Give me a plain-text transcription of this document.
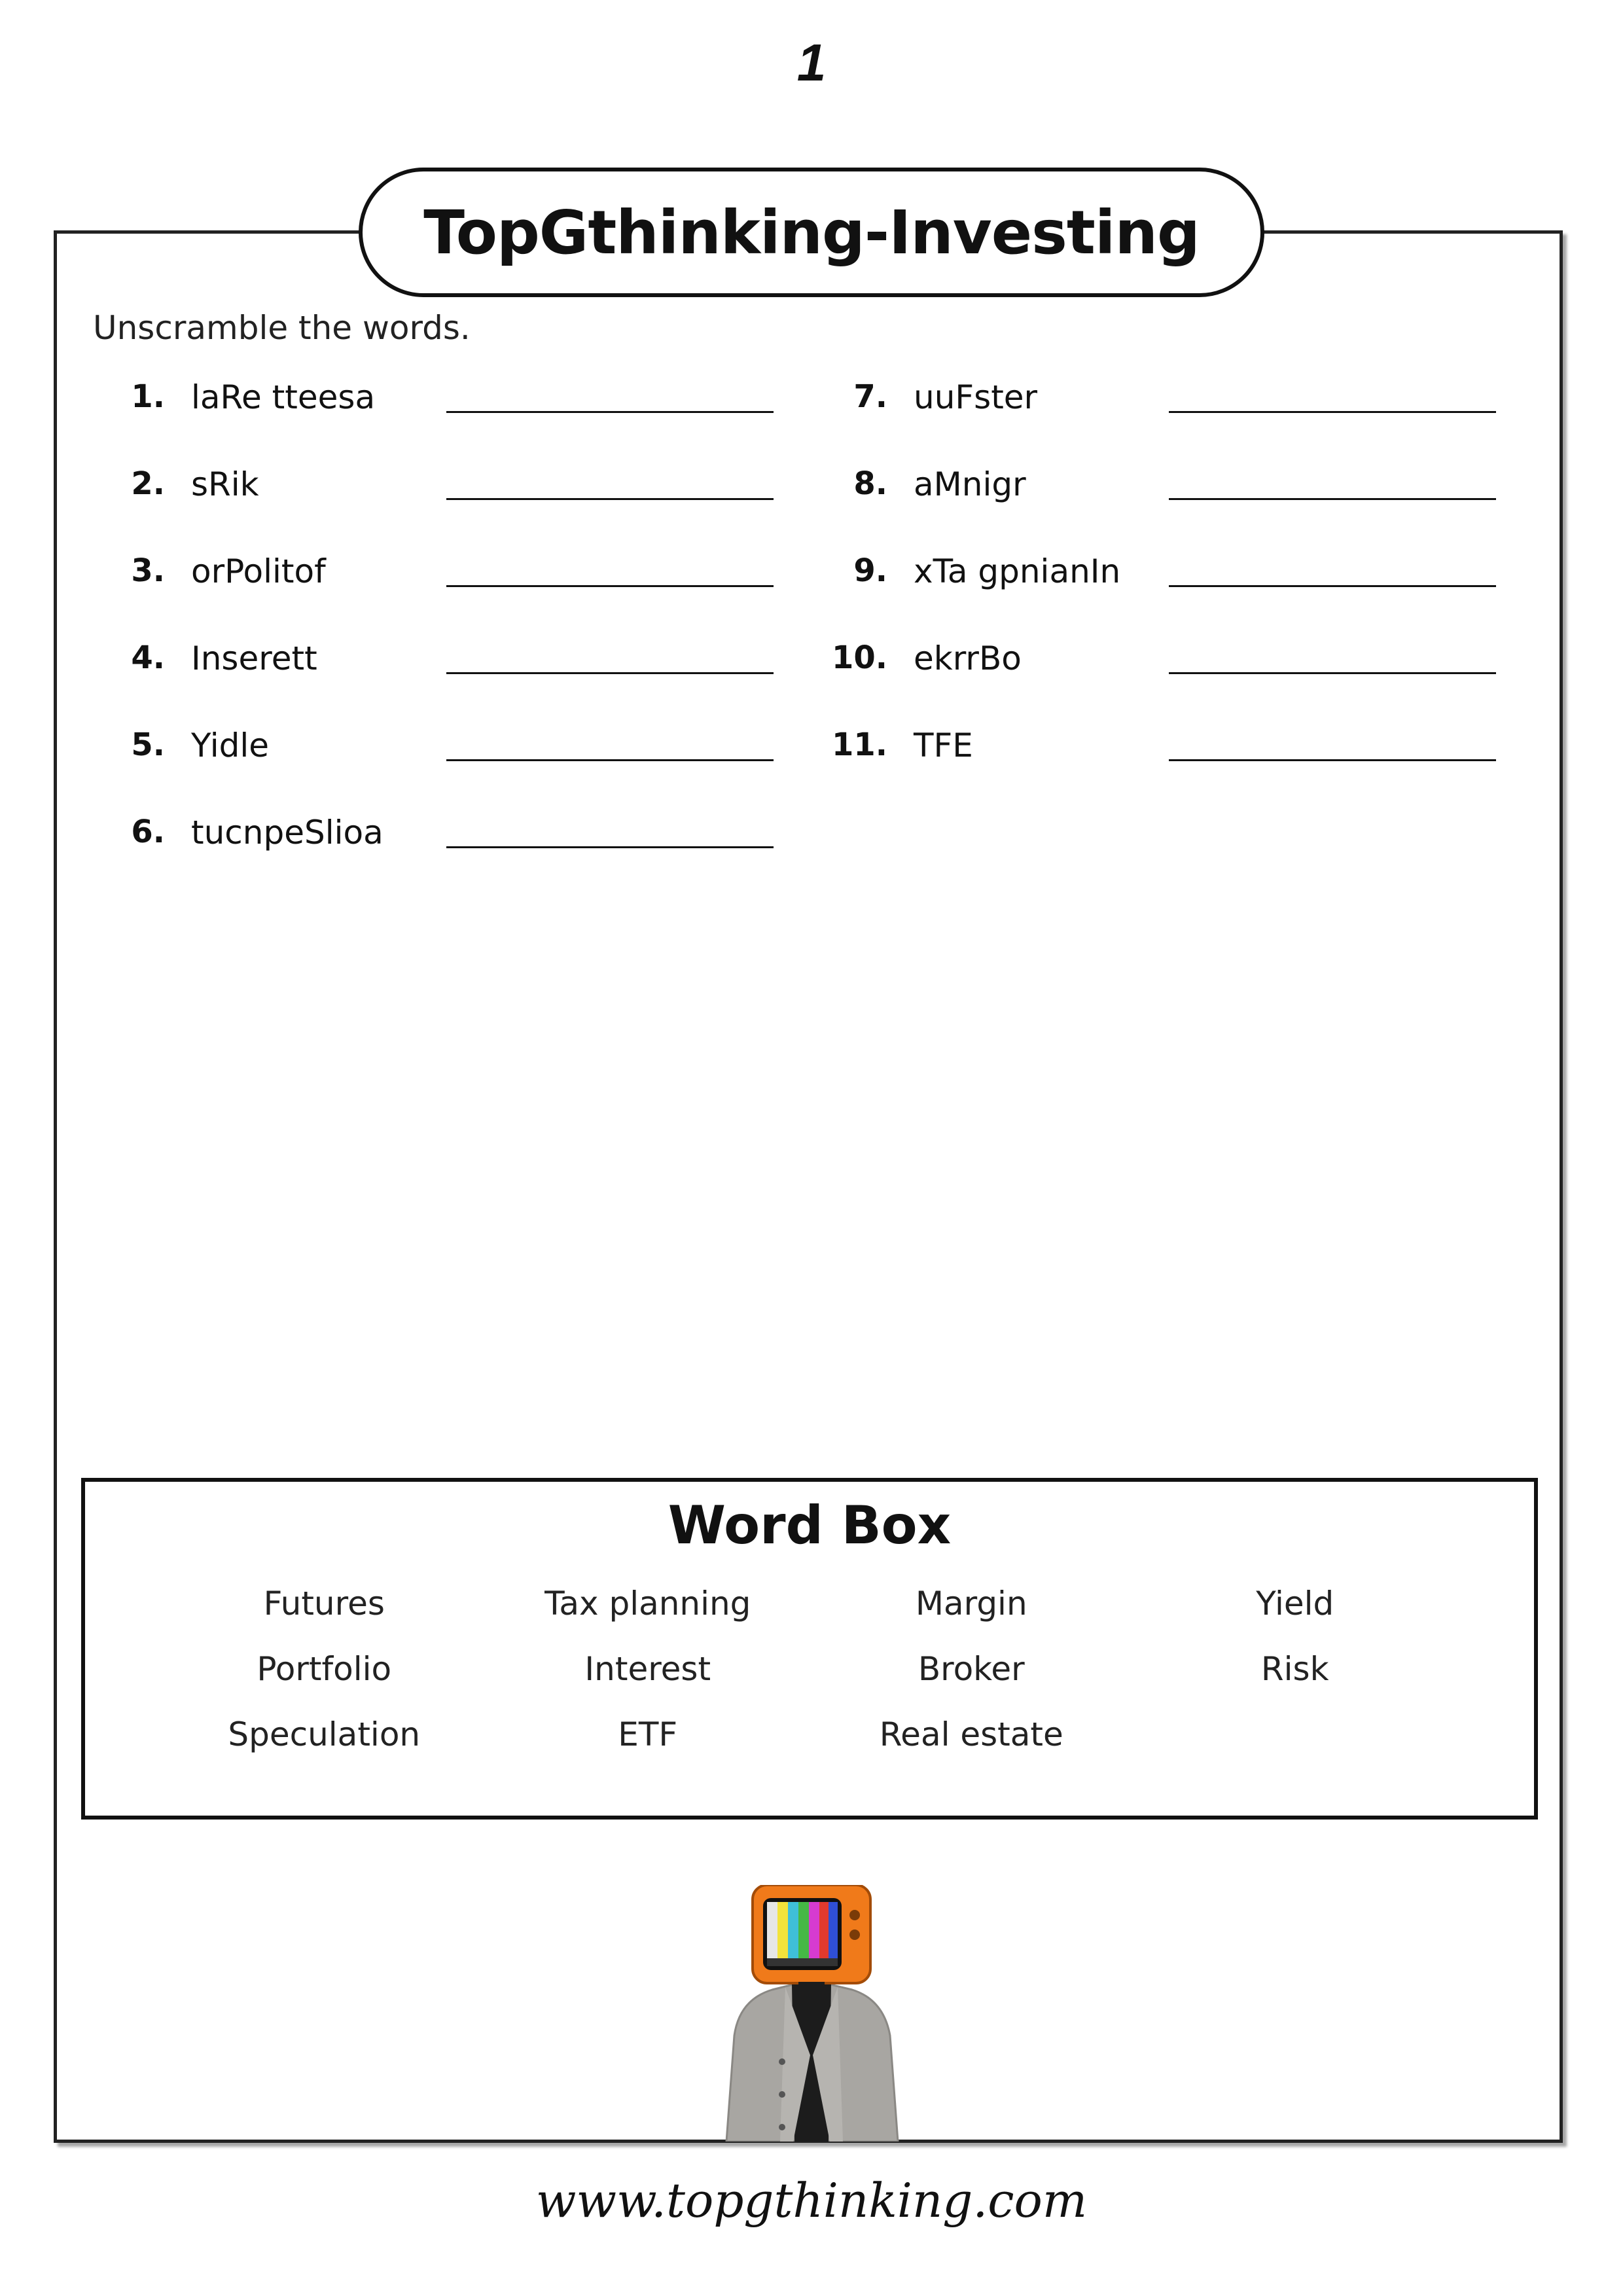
1
TopGthinking-Investing
Unscramble the words.
1. laRe tteesa
2. sRik
3. orPolitof
4. Inserett
5. Yidle
6. tucnpeSlioa
7. uuFster
8. aMnigr
9. xTa gpnianIn
10. ekrrBo
11. TFE
Word Box
Futures	Tax planning	Margin	Yield
Portfolio	Interest	Broker	Risk
Speculation	ETF	Real estate
www.topgthinking.com
